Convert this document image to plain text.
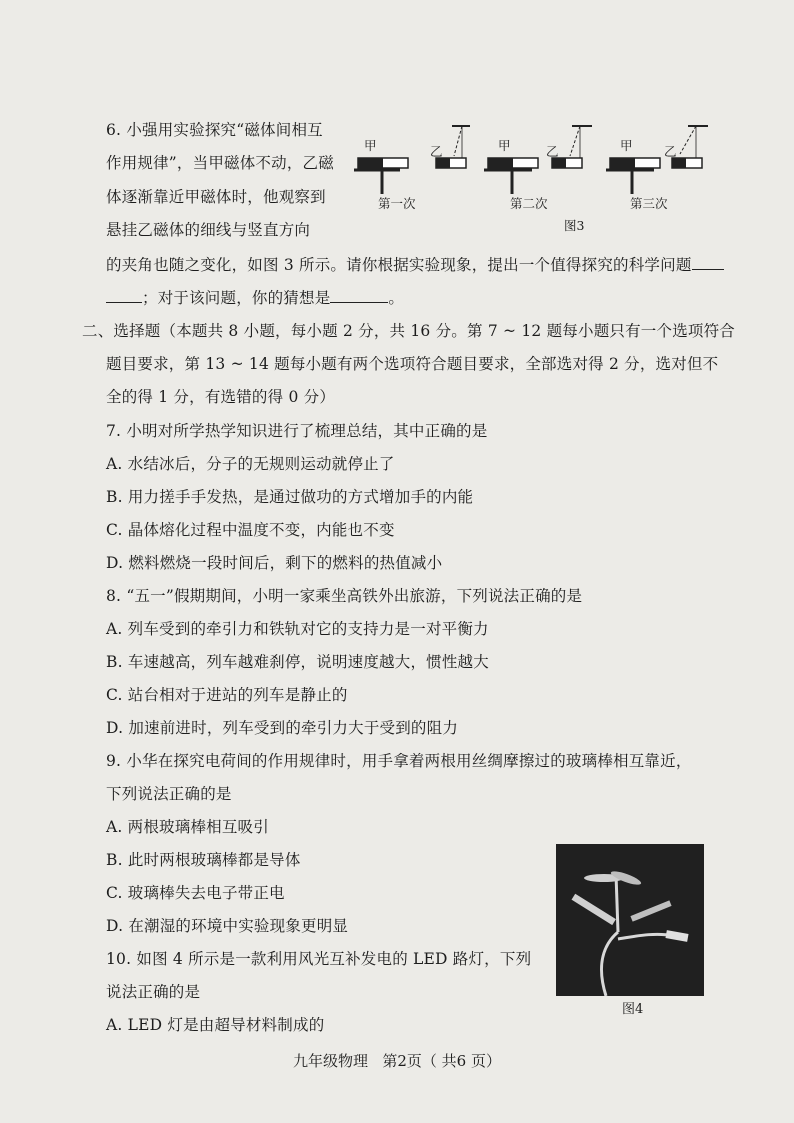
6. 小强用实验探究“磁体间相互
作用规律”，当甲磁体不动，乙磁
体逐渐靠近甲磁体时，他观察到
悬挂乙磁体的细线与竖直方向
的夹角也随之变化，如图 3 所示。请你根据实验现象，提出一个值得探究的科学问题
；对于该问题，你的猜想是	。
甲	乙	甲	乙	甲	乙
第一次	第二次	第三次
图3
二、选择题（本题共 8 小题，每小题 2 分，共 16 分。第 7 ~ 12 题每小题只有一个选项符合
题目要求，第 13 ~ 14 题每小题有两个选项符合题目要求，全部选对得 2 分，选对但不
全的得 1 分，有选错的得 0 分）
7. 小明对所学热学知识进行了梳理总结，其中正确的是
A. 水结冰后，分子的无规则运动就停止了
B. 用力搓手手发热，是通过做功的方式增加手的内能
C. 晶体熔化过程中温度不变，内能也不变
D. 燃料燃烧一段时间后，剩下的燃料的热值减小
8. “五一”假期期间，小明一家乘坐高铁外出旅游，下列说法正确的是
A. 列车受到的牵引力和铁轨对它的支持力是一对平衡力
B. 车速越高，列车越难刹停，说明速度越大，惯性越大
C. 站台相对于进站的列车是静止的
D. 加速前进时，列车受到的牵引力大于受到的阻力
9. 小华在探究电荷间的作用规律时，用手拿着两根用丝绸摩擦过的玻璃棒相互靠近，
下列说法正确的是
A. 两根玻璃棒相互吸引
B. 此时两根玻璃棒都是导体
C. 玻璃棒失去电子带正电
D. 在潮湿的环境中实验现象更明显
10. 如图 4 所示是一款利用风光互补发电的 LED 路灯，下列
说法正确的是
A. LED 灯是由超导材料制成的
图4
九年级物理 第2页（ 共6 页）
